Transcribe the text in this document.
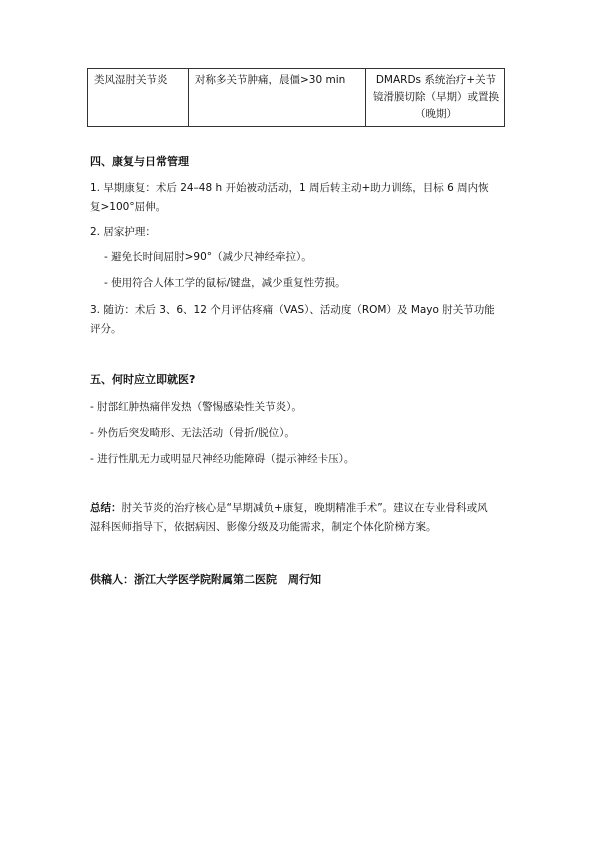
类风湿肘关节炎	对称多关节肿痛，晨僵>30 min	DMARDs 系统治疗+关节
镜滑膜切除（早期）或置换
（晚期）
四、康复与日常管理
1. 早期康复：术后 24–48 h 开始被动活动，1 周后转主动+助力训练，目标 6 周内恢
复>100°屈伸。
2. 居家护理：
- 避免长时间屈肘>90°（减少尺神经牵拉）。
- 使用符合人体工学的鼠标/键盘，减少重复性劳损。
3. 随访：术后 3、6、12 个月评估疼痛（VAS）、活动度（ROM）及 Mayo 肘关节功能
评分。
五、何时应立即就医?
- 肘部红肿热痛伴发热（警惕感染性关节炎）。
- 外伤后突发畸形、无法活动（骨折/脱位）。
- 进行性肌无力或明显尺神经功能障碍（提示神经卡压）。
总结：肘关节炎的治疗核心是“早期减负+康复，晚期精准手术”。建议在专业骨科或风
湿科医师指导下，依据病因、影像分级及功能需求，制定个体化阶梯方案。
供稿人：浙江大学医学院附属第二医院　周行知
